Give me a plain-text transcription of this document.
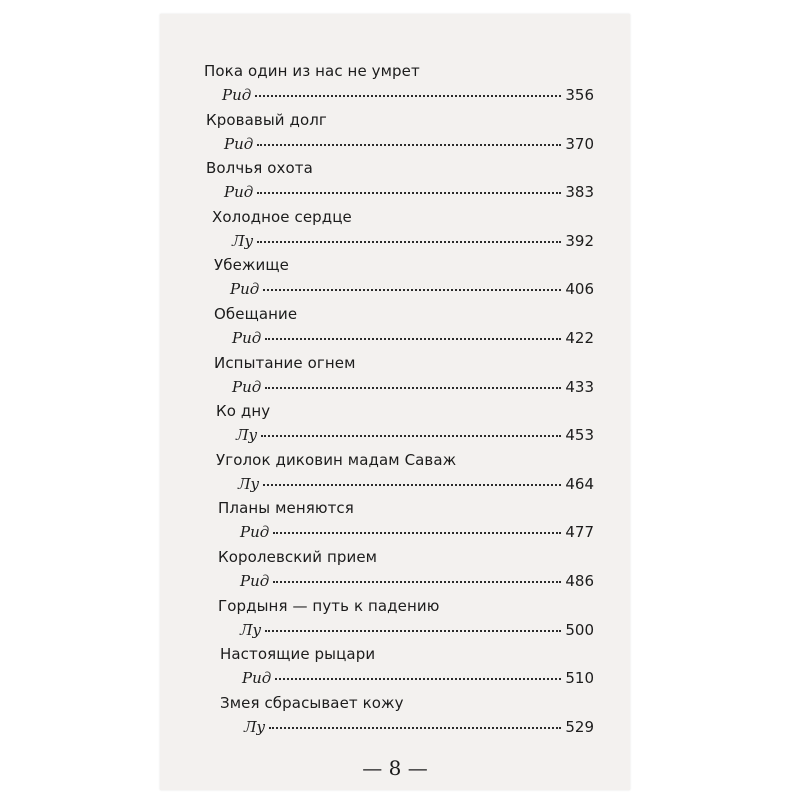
Пока один из нас не умрет
Рид	356
Кровавый долг
Рид	370
Волчья охота
Рид	383
Холодное сердце
Лу	392
Убежище
Рид	406
Обещание
Рид	422
Испытание огнем
Рид	433
Ко дну
Лу	453
Уголок диковин мадам Саваж
Лу	464
Планы меняются
Рид	477
Королевский прием
Рид	486
Гордыня — путь к падению
Лу	500
Настоящие рыцари
Рид	510
Змея сбрасывает кожу
Лу	529
— 8 —
